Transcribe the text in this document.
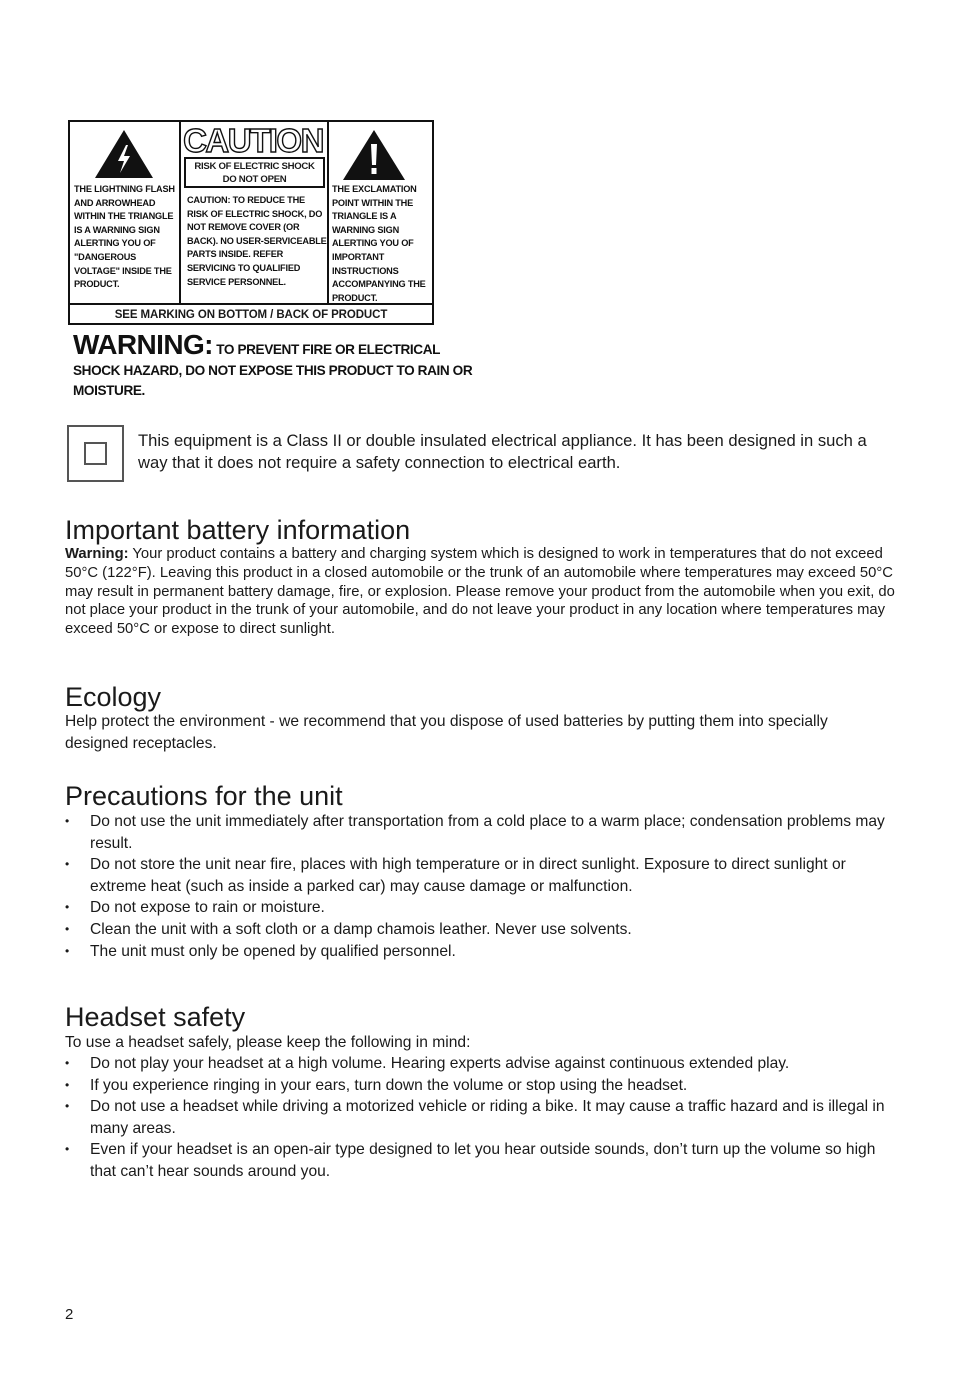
THE LIGHTNING FLASH AND ARROWHEAD WITHIN THE TRIANGLE IS A WARNING SIGN ALERTING YOU OF "DANGEROUS VOLTAGE" INSIDE THE PRODUCT.
CAUTION
RISK OF ELECTRIC SHOCK
DO NOT OPEN
CAUTION: TO REDUCE THE RISK OF ELECTRIC SHOCK, DO NOT REMOVE COVER (OR BACK). NO USER-SERVICEABLE PARTS INSIDE. REFER SERVICING TO QUALIFIED SERVICE PERSONNEL.
THE EXCLAMATION POINT WITHIN THE TRIANGLE IS A WARNING SIGN ALERTING YOU OF IMPORTANT INSTRUCTIONS ACCOMPANYING THE PRODUCT.
SEE MARKING ON BOTTOM / BACK OF PRODUCT
WARNING: TO PREVENT FIRE OR ELECTRICAL SHOCK HAZARD, DO NOT EXPOSE THIS PRODUCT TO RAIN OR MOISTURE.
This equipment is a Class II or double insulated electrical appliance. It has been designed in such a way that it does not require a safety connection to electrical earth.
Important battery information

Warning: Your product contains a battery and charging system which is designed to work in temperatures that do not exceed 50°C (122°F). Leaving this product in a closed automobile or the trunk of an automobile where temperatures may exceed 50°C may result in permanent battery damage, fire, or explosion. Please remove your product from the automobile when you exit, do not place your product in the trunk of your automobile, and do not leave your product in any location where temperatures may exceed 50°C or expose to direct sunlight.

Ecology

Help protect the environment - we recommend that you dispose of used batteries by putting them into specially designed receptacles.

Precautions for the unit
• Do not use the unit immediately after transportation from a cold place to a warm place; condensation problems may result.
• Do not store the unit near fire, places with high temperature or in direct sunlight. Exposure to direct sunlight or extreme heat (such as inside a parked car) may cause damage or malfunction.
• Do not expose to rain or moisture.
• Clean the unit with a soft cloth or a damp chamois leather. Never use solvents.
• The unit must only be opened by qualified personnel.
Headset safety

To use a headset safely, please keep the following in mind:

• Do not play your headset at a high volume. Hearing experts advise against continuous extended play.
• If you experience ringing in your ears, turn down the volume or stop using the headset.
• Do not use a headset while driving a motorized vehicle or riding a bike. It may cause a traffic hazard and is illegal in many areas.
• Even if your headset is an open-air type designed to let you hear outside sounds, don’t turn up the volume so high that can’t hear sounds around you.
2
